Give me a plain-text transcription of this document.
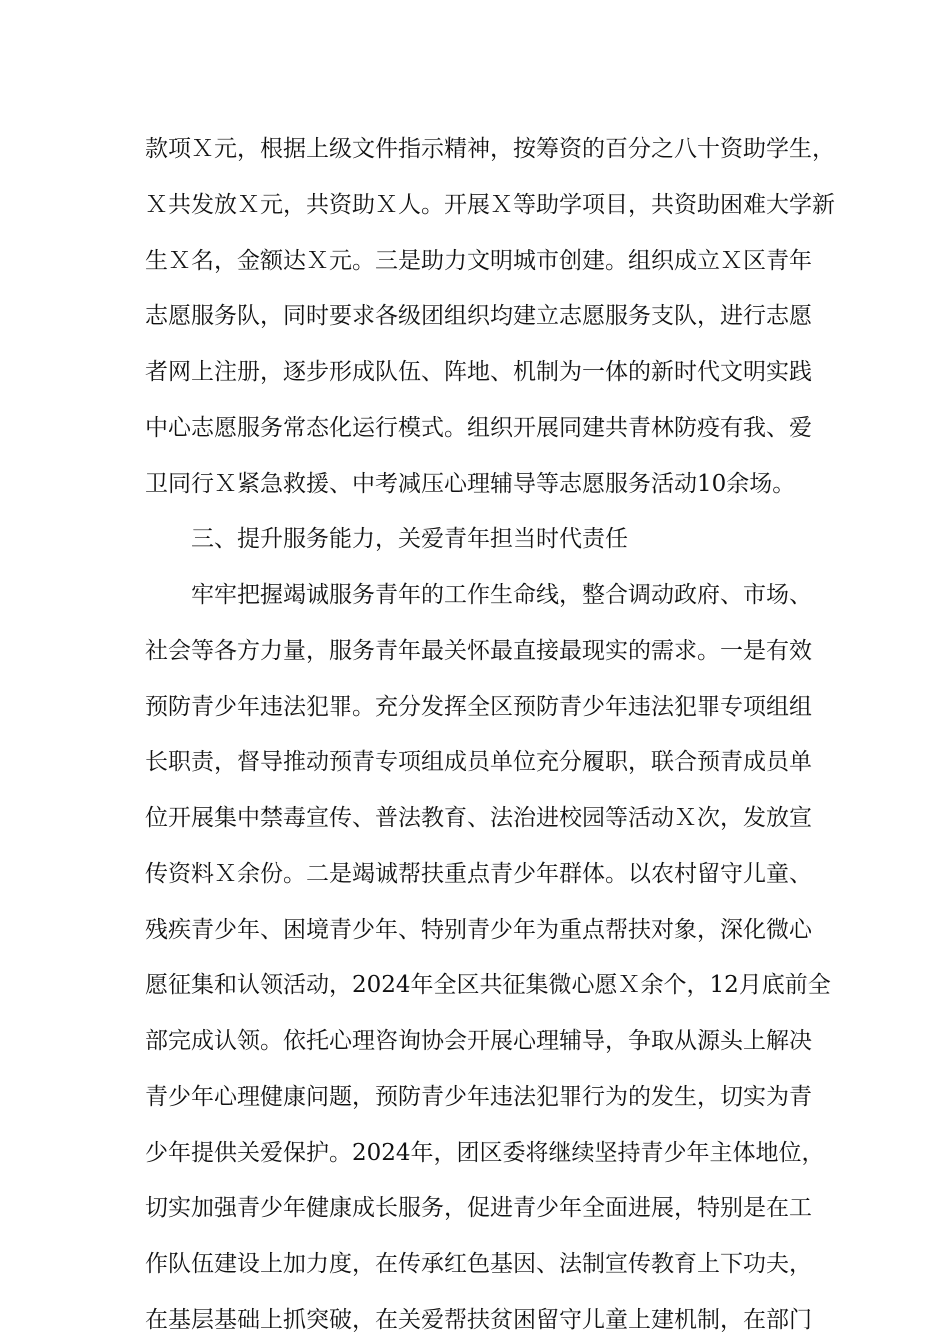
款项Ｘ元，根据上级文件指示精神，按筹资的百分之八十资助学生，
Ｘ共发放Ｘ元，共资助Ｘ人。开展Ｘ等助学项目，共资助困难大学新
生Ｘ名，金额达Ｘ元。三是助力文明城市创建。组织成立Ｘ区青年
志愿服务队，同时要求各级团组织均建立志愿服务支队，进行志愿
者网上注册，逐步形成队伍、阵地、机制为一体的新时代文明实践
中心志愿服务常态化运行模式。组织开展同建共青林防疫有我、爱
卫同行Ｘ紧急救援、中考减压心理辅导等志愿服务活动10余场。
三、提升服务能力，关爱青年担当时代责任
牢牢把握竭诚服务青年的工作生命线，整合调动政府、市场、
社会等各方力量，服务青年最关怀最直接最现实的需求。一是有效
预防青少年违法犯罪。充分发挥全区预防青少年违法犯罪专项组组
长职责，督导推动预青专项组成员单位充分履职，联合预青成员单
位开展集中禁毒宣传、普法教育、法治进校园等活动Ｘ次，发放宣
传资料Ｘ余份。二是竭诚帮扶重点青少年群体。以农村留守儿童、
残疾青少年、困境青少年、特别青少年为重点帮扶对象，深化微心
愿征集和认领活动，2024年全区共征集微心愿Ｘ余个，12月底前全
部完成认领。依托心理咨询协会开展心理辅导，争取从源头上解决
青少年心理健康问题，预防青少年违法犯罪行为的发生，切实为青
少年提供关爱保护。2024年，团区委将继续坚持青少年主体地位，
切实加强青少年健康成长服务，促进青少年全面进展，特别是在工
作队伍建设上加力度，在传承红色基因、法制宣传教育上下功夫，
在基层基础上抓突破，在关爱帮扶贫困留守儿童上建机制，在部门
